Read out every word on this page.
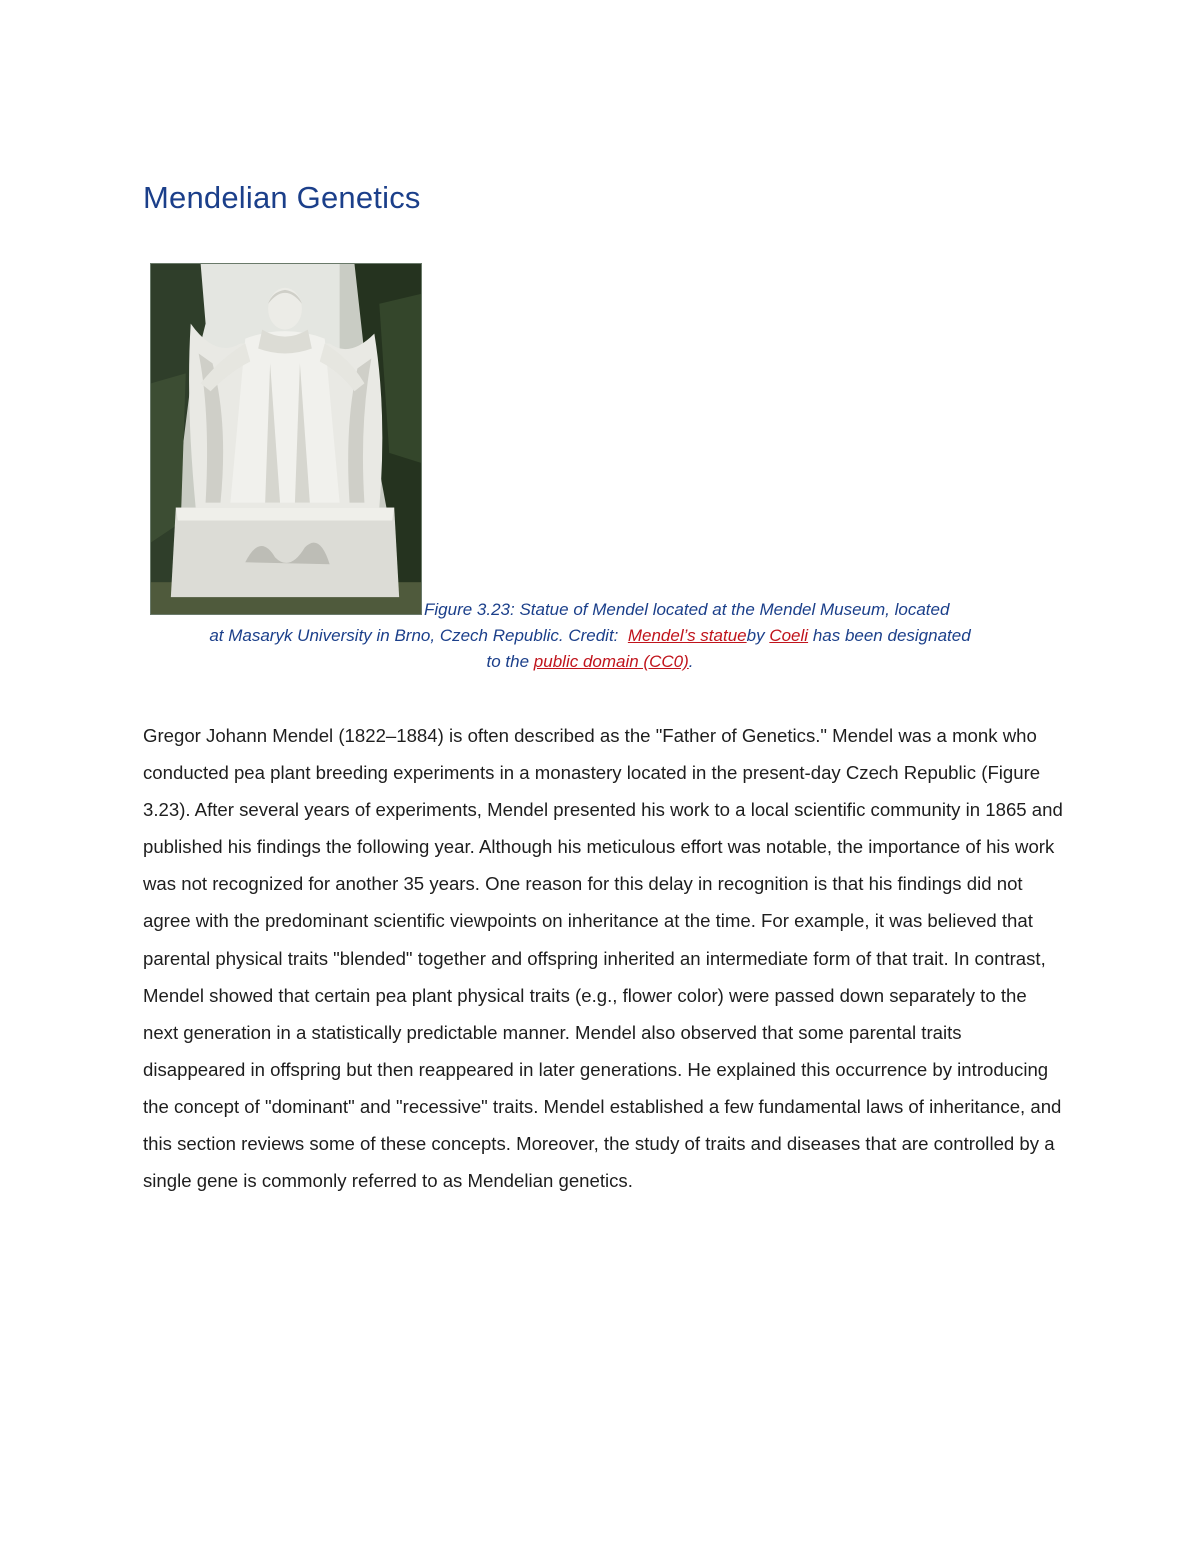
Mendelian Genetics
Figure 3.23: Statue of Mendel located at the Mendel Museum, located
at Masaryk University in Brno, Czech Republic. Credit: Mendel’s statueby Coeli has been designated
to the public domain (CC0).

Gregor Johann Mendel (1822–1884) is often described as the "Father of Genetics." Mendel was a monk who conducted pea plant breeding experiments in a monastery located in the present-day Czech Republic (Figure 3.23). After several years of experiments, Mendel presented his work to a local scientific community in 1865 and published his findings the following year. Although his meticulous effort was notable, the importance of his work was not recognized for another 35 years. One reason for this delay in recognition is that his findings did not agree with the predominant scientific viewpoints on inheritance at the time. For example, it was believed that parental physical traits "blended" together and offspring inherited an intermediate form of that trait. In contrast, Mendel showed that certain pea plant physical traits (e.g., flower color) were passed down separately to the next generation in a statistically predictable manner. Mendel also observed that some parental traits disappeared in offspring but then reappeared in later generations. He explained this occurrence by introducing the concept of "dominant" and "recessive" traits. Mendel established a few fundamental laws of inheritance, and this section reviews some of these concepts. Moreover, the study of traits and diseases that are controlled by a single gene is commonly referred to as Mendelian genetics.
